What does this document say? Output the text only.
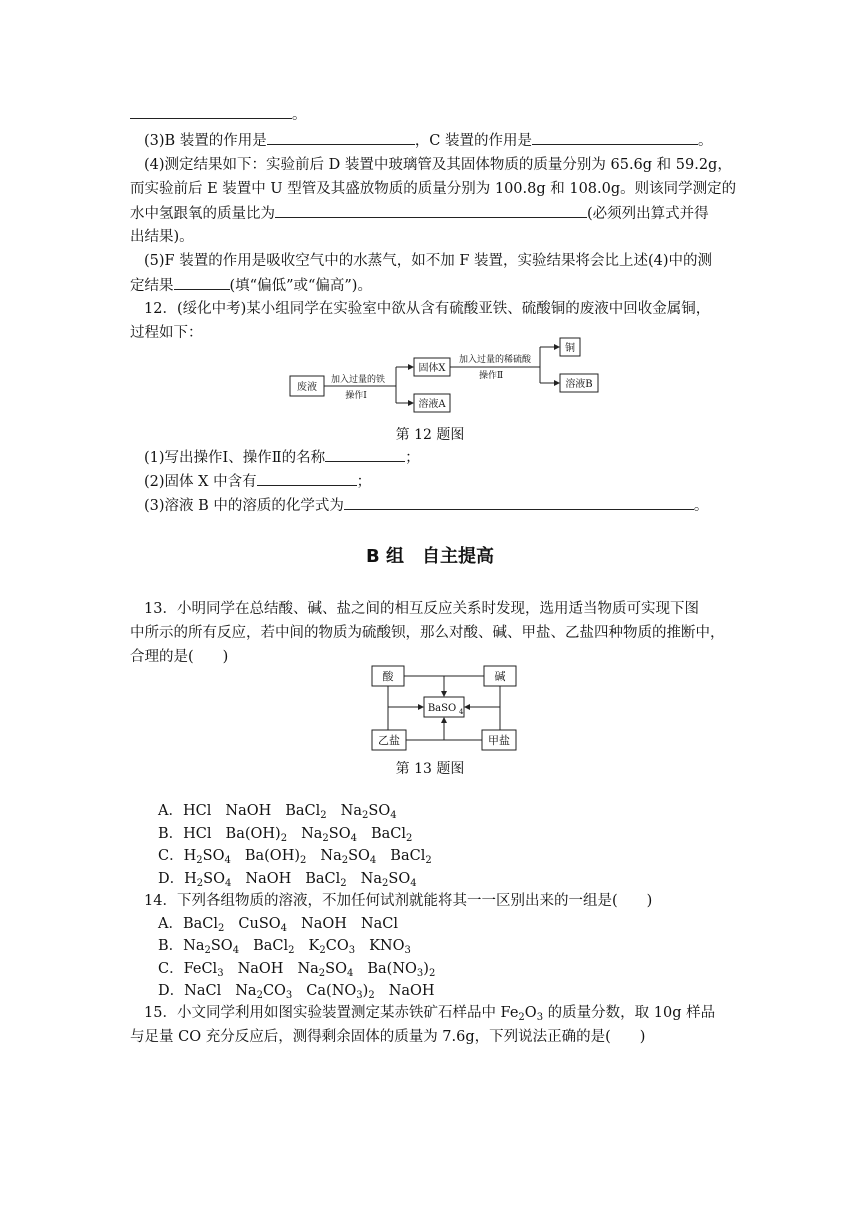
。
(3)B 装置的作用是	，C 装置的作用是	。
(4)测定结果如下：实验前后 D 装置中玻璃管及其固体物质的质量分别为 65.6g 和 59.2g，
而实验前后 E 装置中 U 型管及其盛放物质的质量分别为 100.8g 和 108.0g。则该同学测定的
水中氢跟氧的质量比为	(必须列出算式并得
出结果)。
(5)F 装置的作用是吸收空气中的水蒸气，如不加 F 装置，实验结果将会比上述(4)中的测
定结果	(填“偏低”或“偏高”)。
12．(绥化中考)某小组同学在实验室中欲从含有硫酸亚铁、硫酸铜的废液中回收金属铜，
过程如下：
废液
加入过量的铁
操作Ⅰ
固体X
溶液A
加入过量的稀硫酸
操作Ⅱ
铜
溶液B
第 12 题图
(1)写出操作Ⅰ、操作Ⅱ的名称	；
(2)固体 X 中含有	；
(3)溶液 B 中的溶质的化学式为	。
B 组　自主提高
13．小明同学在总结酸、碱、盐之间的相互反应关系时发现，选用适当物质可实现下图
中所示的所有反应，若中间的物质为硫酸钡，那么对酸、碱、甲盐、乙盐四种物质的推断中，
合理的是(　　)
酸	碱
BaSO 4
乙盐	甲盐
第 13 题图
A．HCl NaOH BaCl$_2$ $Na_2SO_4$
B．HCl $Ba(OH)_2$ $Na_2SO_4$ BaCl$_2$
C．$H_2SO_4$ $Ba(OH)_2$ $Na_2SO_4$ BaCl$_2$
D．$H_2SO_4$ NaOH BaCl$_2$ $Na_2SO_4$
14．下列各组物质的溶液，不加任何试剂就能将其一一区别出来的一组是(　　)
A．BaCl$_2$ CuSO$_4$ NaOH NaCl
B．$Na_2SO_4$ BaCl$_2$ $K_2CO_3$ $KNO_3$
C．FeCl$_3$ NaOH $Na_2SO_4$ $Ba(NO_3)_2$
D．NaCl $Na_2CO_3$ $Ca(NO_3)_2$ NaOH
15．小文同学利用如图实验装置测定某赤铁矿石样品中 $Fe_2O_3$ 的质量分数，取 10g 样品
与足量 CO 充分反应后，测得剩余固体的质量为 7.6g，下列说法正确的是(　　)
